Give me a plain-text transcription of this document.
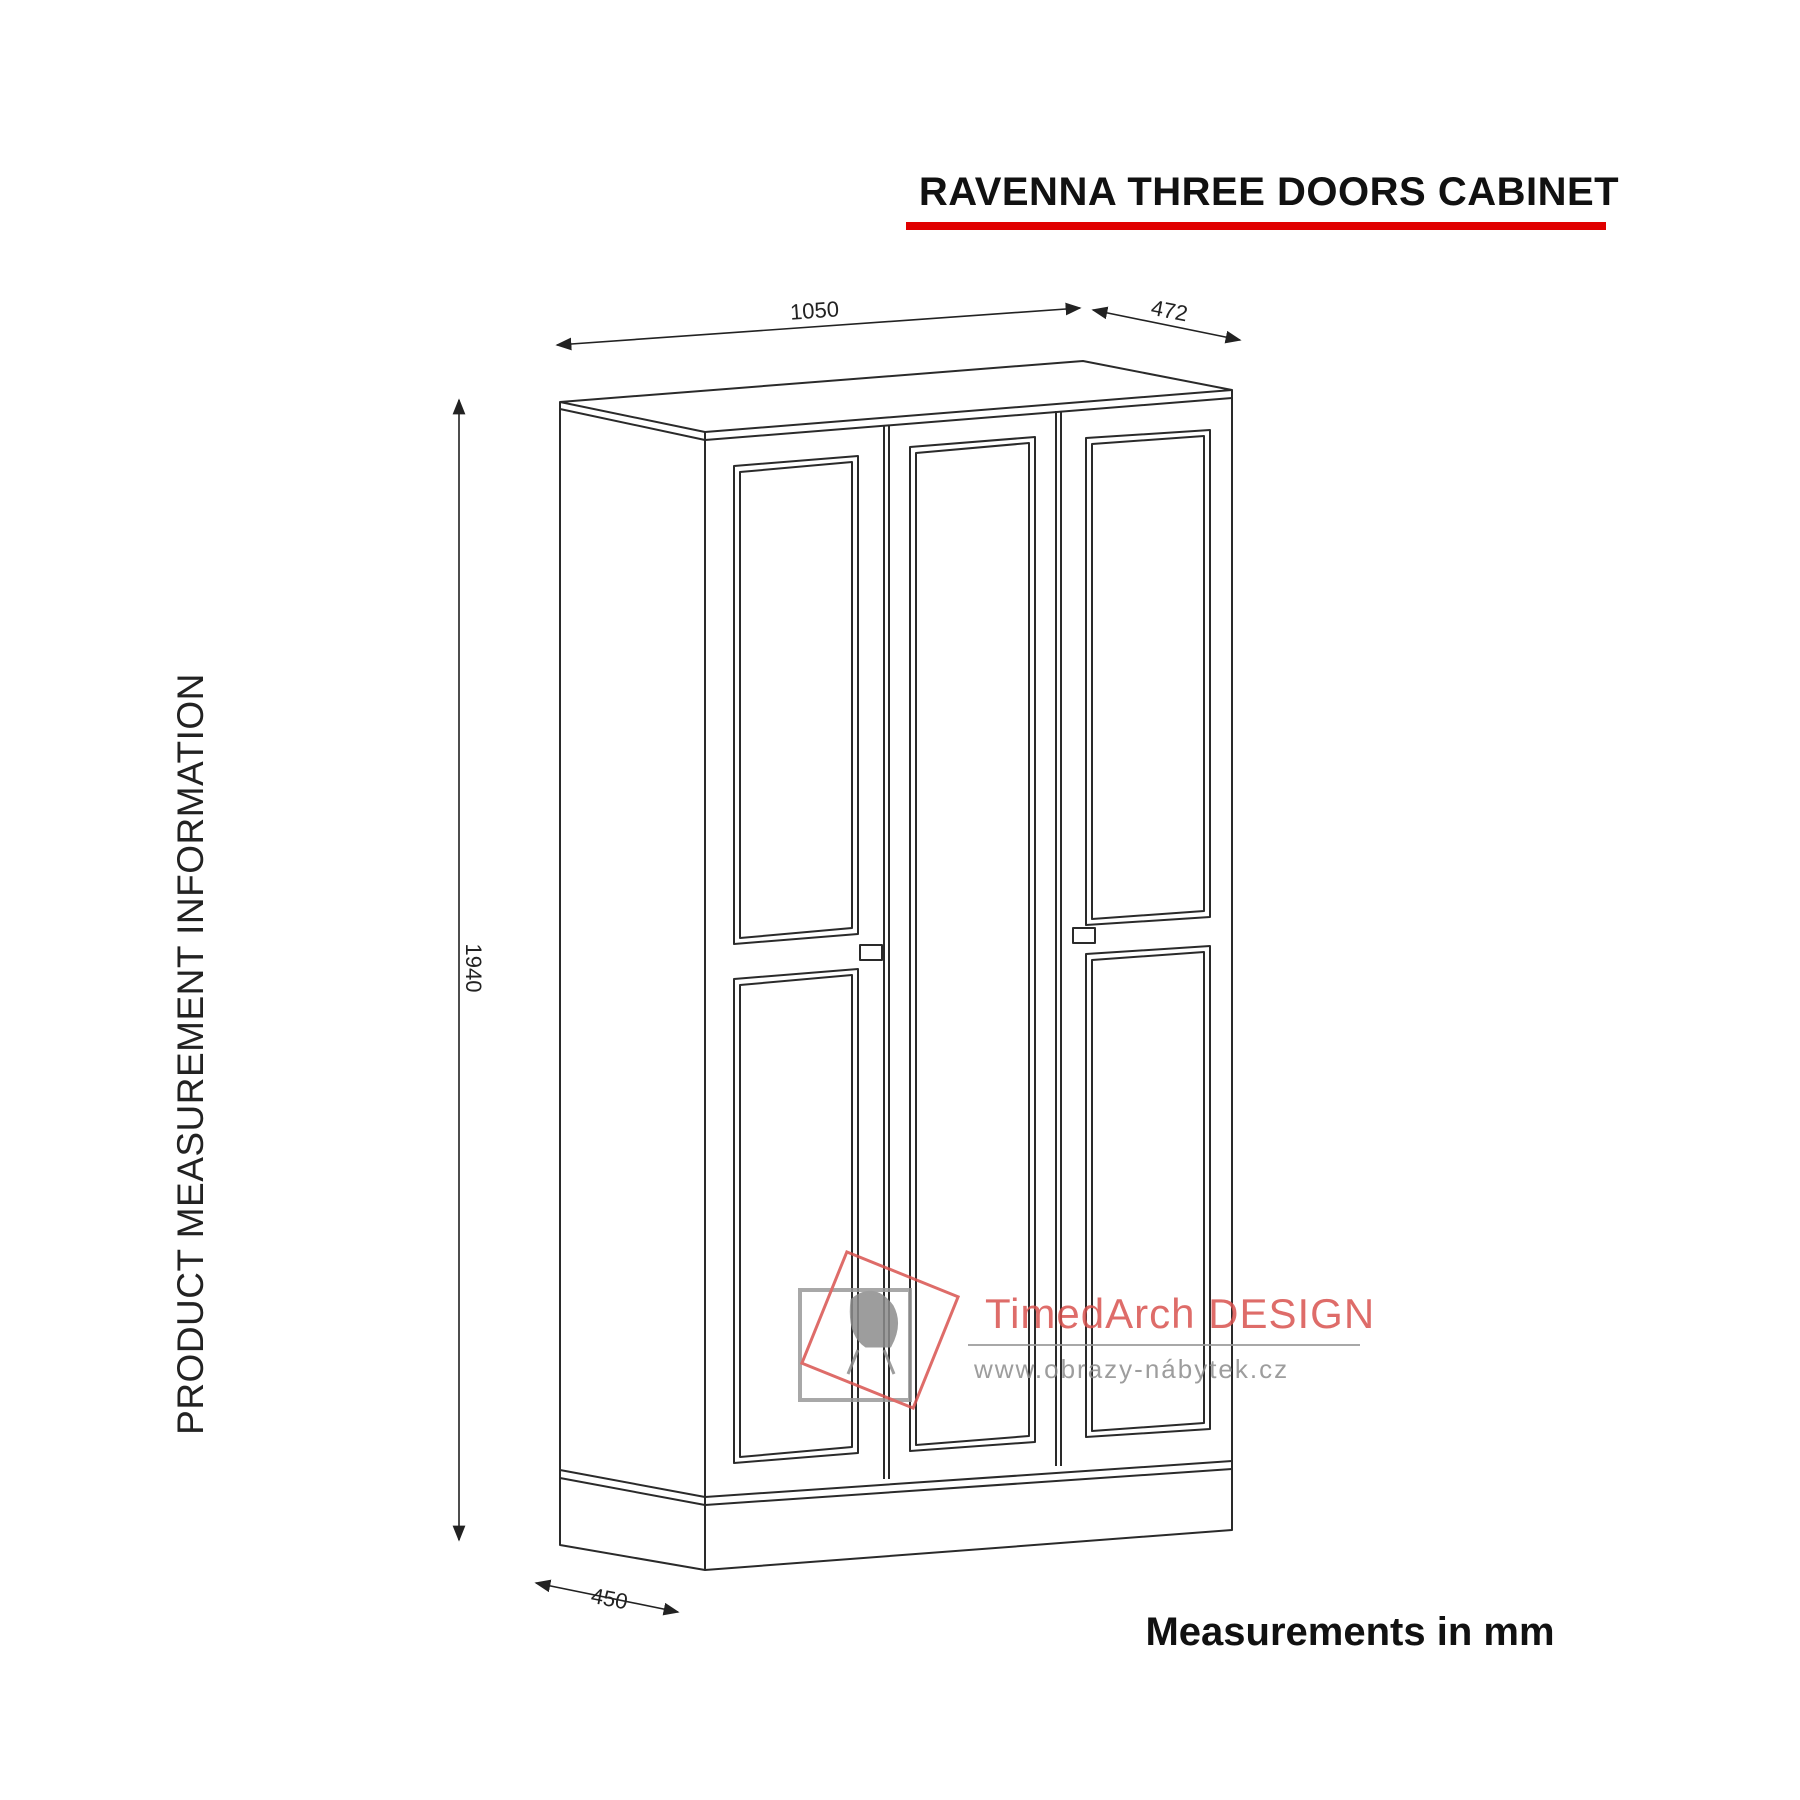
RAVENNA THREE DOORS CABINET
PRODUCT MEASUREMENT INFORMATION
1050	472
1940
450
TimedArch DESIGN
www.obrazy-nábytek.cz
Measurements in mm
